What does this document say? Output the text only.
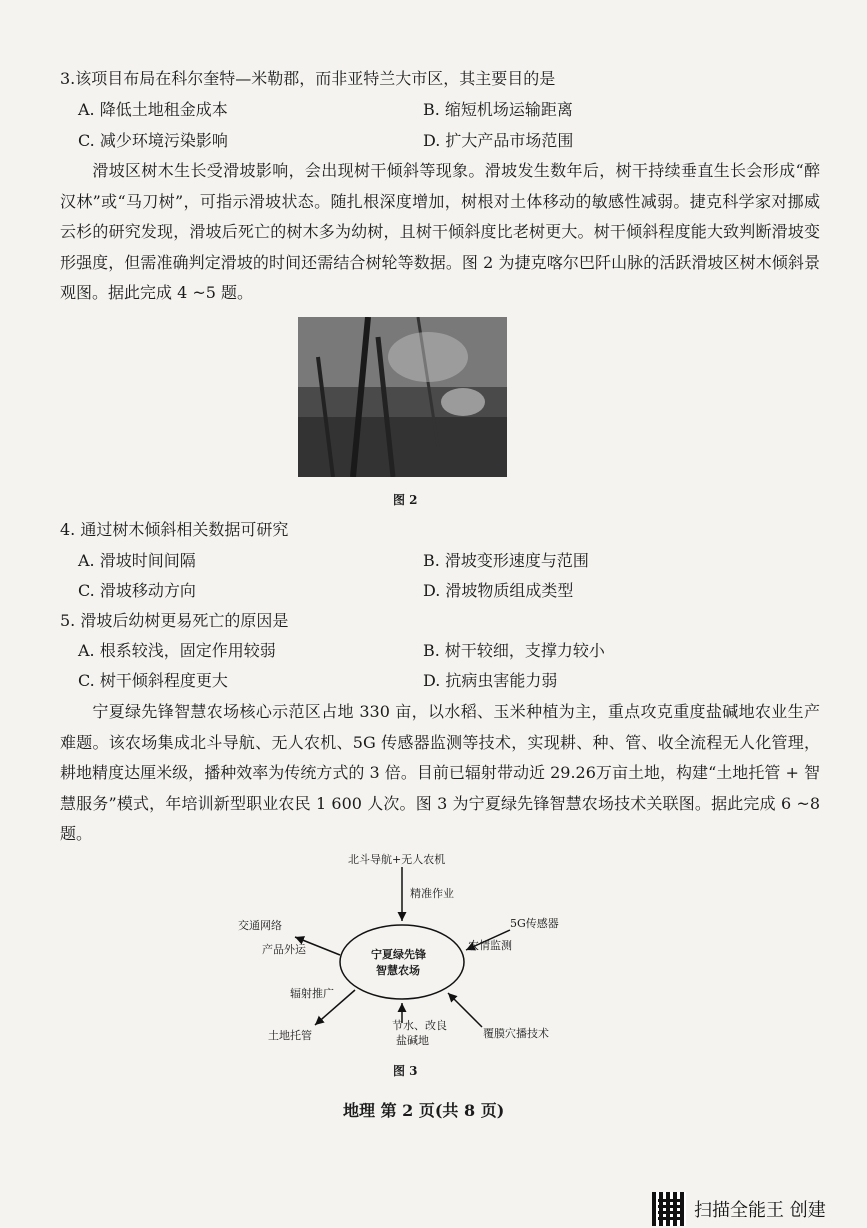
3.该项目布局在科尔奎特—米勒郡，而非亚特兰大市区，其主要目的是
A. 降低土地租金成本	B. 缩短机场运输距离
C. 减少环境污染影响	D. 扩大产品市场范围
滑坡区树木生长受滑坡影响，会出现树干倾斜等现象。滑坡发生数年后，树干持续垂直生长会形成“醉汉林”或“马刀树”，可指示滑坡状态。随扎根深度增加，树根对土体移动的敏感性减弱。捷克科学家对挪威云杉的研究发现，滑坡后死亡的树木多为幼树，且树干倾斜度比老树更大。树干倾斜程度能大致判断滑坡变形强度，但需准确判定滑坡的时间还需结合树轮等数据。图 2 为捷克喀尔巴阡山脉的活跃滑坡区树木倾斜景观图。据此完成 4 ~5 题。
图 2
4. 通过树木倾斜相关数据可研究
A. 滑坡时间间隔	B. 滑坡变形速度与范围
C. 滑坡移动方向	D. 滑坡物质组成类型
5. 滑坡后幼树更易死亡的原因是
A. 根系较浅，固定作用较弱	B. 树干较细，支撑力较小
C. 树干倾斜程度更大	D. 抗病虫害能力弱
宁夏绿先锋智慧农场核心示范区占地 330 亩，以水稻、玉米种植为主，重点攻克重度盐碱地农业生产难题。该农场集成北斗导航、无人农机、5G 传感器监测等技术，实现耕、种、管、收全流程无人化管理，耕地精度达厘米级，播种效率为传统方式的 3 倍。目前已辐射带动近 29.26万亩土地，构建“土地托管 + 智慧服务”模式，年培训新型职业农民 1 600 人次。图 3 为宁夏绿先锋智慧农场技术关联图。据此完成 6 ~8 题。
北斗导航+无人农机
精准作业
5G传感器
农情监测
交通网络
产品外运	宁夏绿先锋
智慧农场
辐射推广
土地托管
节水、改良
盐碱地
覆膜穴播技术
图 3
地理 第 2 页(共 8 页)
扫描全能王 创建
